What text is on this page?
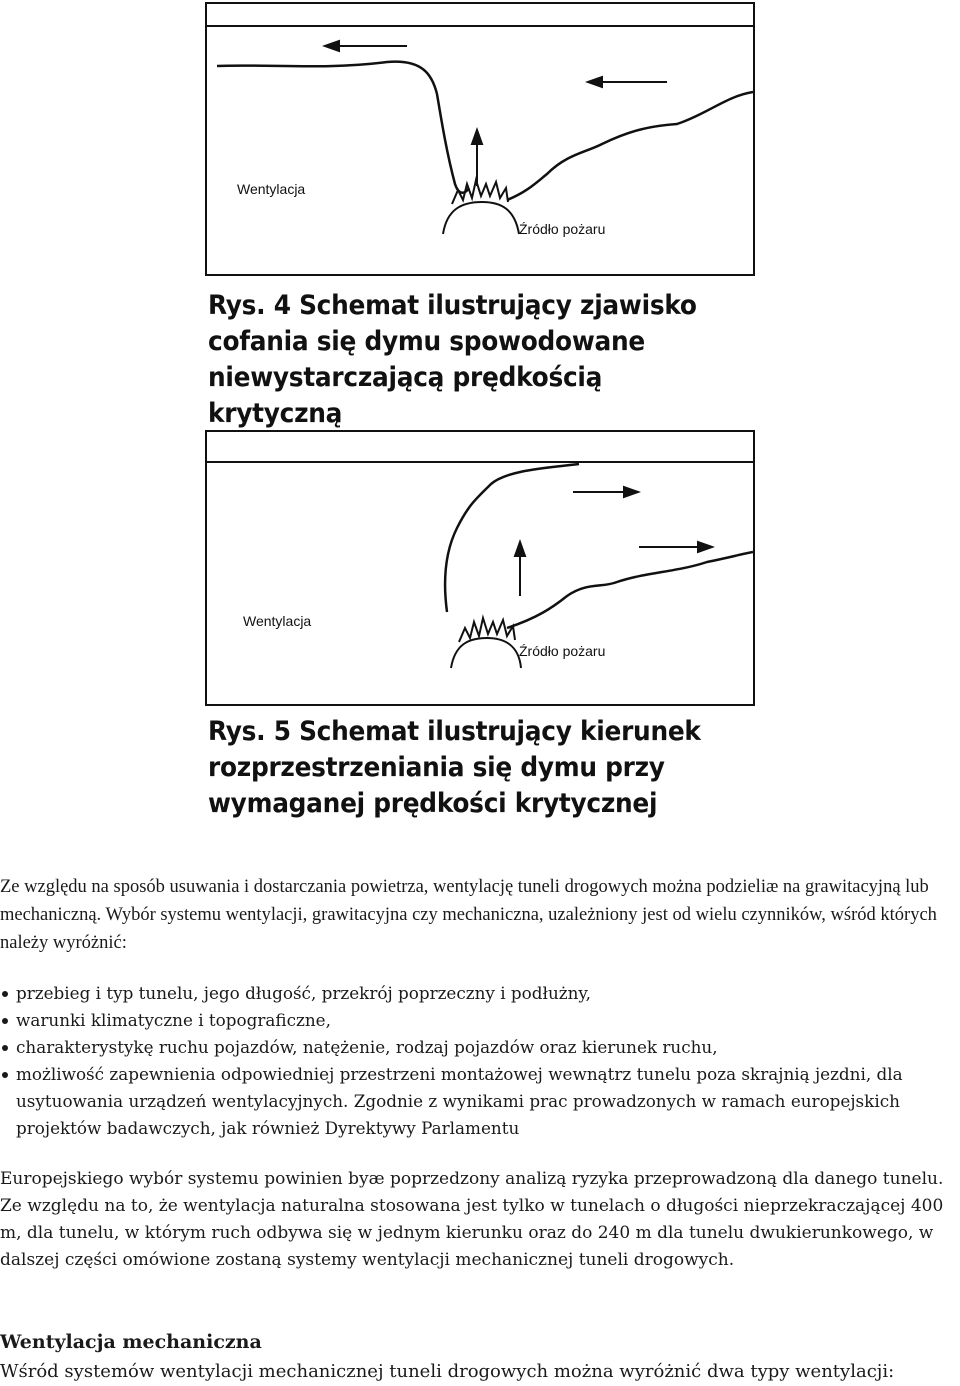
Wentylacja
Źródło pożaru
Rys. 4 Schemat ilustrujący zjawisko cofania się dymu spowodowane niewystarczającą prędkością krytyczną
Wentylacja
Źródło pożaru
Rys. 5 Schemat ilustrujący kierunek rozprzestrzeniania się dymu przy wymaganej prędkości krytycznej

Ze względu na sposób usuwania i dostarczania powietrza, wentylację tuneli drogowych można podzieliæ na grawitacyjną lub mechaniczną. Wybór systemu wentylacji, grawitacyjna czy mechaniczna, uzależniony jest od wielu czynników, wśród których należy wyróżnić:

przebieg i typ tunelu, jego długość, przekrój poprzeczny i podłużny,
warunki klimatyczne i topograficzne,
charakterystykę ruchu pojazdów, natężenie, rodzaj pojazdów oraz kierunek ruchu,
możliwość zapewnienia odpowiedniej przestrzeni montażowej wewnątrz tunelu poza skrajnią jezdni, dla usytuowania urządzeń wentylacyjnych. Zgodnie z wynikami prac prowadzonych w ramach europejskich projektów badawczych, jak również Dyrektywy Parlamentu

Europejskiego wybór systemu powinien byæ poprzedzony analizą ryzyka przeprowadzoną dla danego tunelu. Ze względu na to, że wentylacja naturalna stosowana jest tylko w tunelach o długości nieprzekraczającej 400 m, dla tunelu, w którym ruch odbywa się w jednym kierunku oraz do 240 m dla tunelu dwukierunkowego, w dalszej części omówione zostaną systemy wentylacji mechanicznej tuneli drogowych.

Wentylacja mechaniczna
Wśród systemów wentylacji mechanicznej tuneli drogowych można wyróżnić dwa typy wentylacji:
